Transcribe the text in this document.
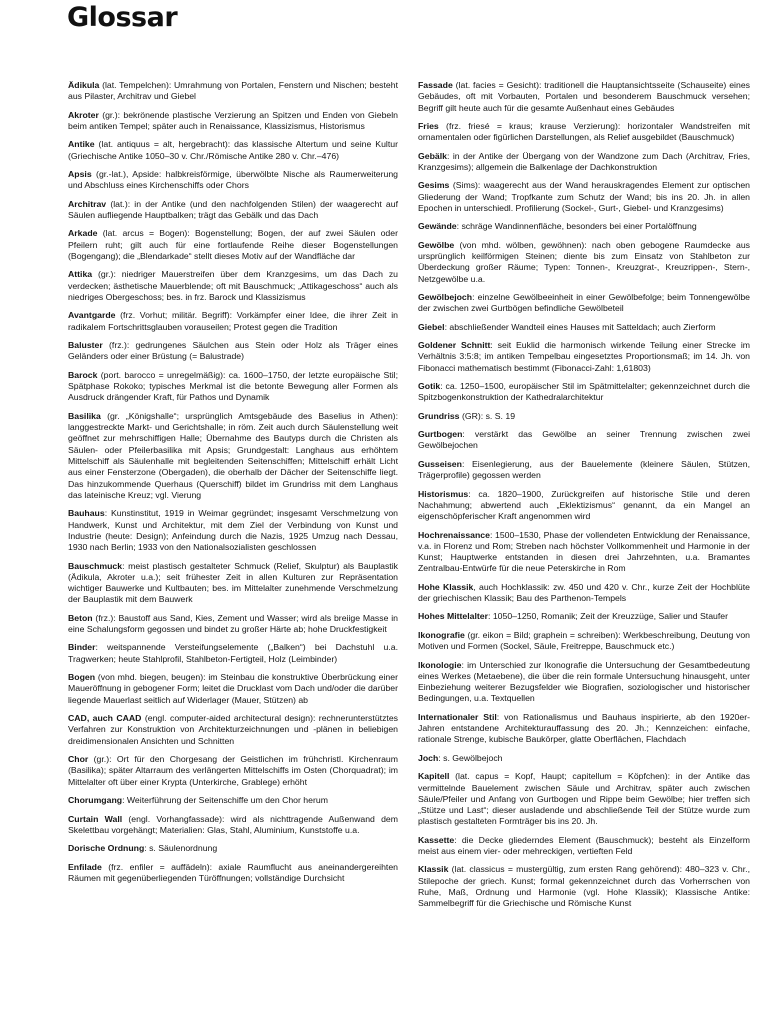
Glossar

Ädikula (lat. Tempelchen): Umrahmung von Portalen, Fenstern und Nischen; besteht aus Pilaster, Architrav und Giebel

Akroter (gr.): bekrönende plastische Verzierung an Spitzen und Enden von Giebeln beim antiken Tempel; später auch in Renaissance, Klassizismus, Historismus

Antike (lat. antiquus = alt, hergebracht): das klassische Altertum und seine Kultur (Griechische Antike 1050–30 v. Chr./Römische Antike 280 v. Chr.–476)

Apsis (gr.-lat.), Apside: halbkreisförmige, überwölbte Nische als Raumerweiterung und Abschluss eines Kirchenschiffs oder Chors

Architrav (lat.): in der Antike (und den nachfolgenden Stilen) der waagerecht auf Säulen aufliegende Hauptbalken; trägt das Gebälk und das Dach

Arkade (lat. arcus = Bogen): Bogenstellung; Bogen, der auf zwei Säulen oder Pfeilern ruht; gilt auch für eine fortlaufende Reihe dieser Bogenstellungen (Bogengang); die „Blendarkade“ stellt dieses Motiv auf der Wandfläche dar

Attika (gr.): niedriger Mauerstreifen über dem Kranzgesims, um das Dach zu verdecken; ästhetische Mauerblende; oft mit Bauschmuck; „Attikageschoss“ auch als niedriges Obergeschoss; bes. in frz. Barock und Klassizismus

Avantgarde (frz. Vorhut; militär. Begriff): Vorkämpfer einer Idee, die ihrer Zeit in radikalem Fortschrittsglauben vorauseilen; Protest gegen die Tradition

Baluster (frz.): gedrungenes Säulchen aus Stein oder Holz als Träger eines Geländers oder einer Brüstung (= Balustrade)

Barock (port. barocco = unregelmäßig): ca. 1600–1750, der letzte europäische Stil; Spätphase Rokoko; typisches Merkmal ist die betonte Bewegung aller Formen als Ausdruck drängender Kraft, für Pathos und Dynamik

Basilika (gr. „Königshalle“; ursprünglich Amtsgebäude des Baselius in Athen): langgestreckte Markt- und Gerichtshalle; in röm. Zeit auch durch Säulenstellung weit geöffnet zur mehrschiffigen Halle; Übernahme des Bautyps durch die Christen als Säulen- oder Pfeilerbasilika mit Apsis; Grundgestalt: Langhaus aus erhöhtem Mittelschiff als Säulenhalle mit begleitenden Seitenschiffen; Mittelschiff erhält Licht aus einer Fensterzone (Obergaden), die oberhalb der Dächer der Seitenschiffe liegt. Das hinzukommende Querhaus (Querschiff) bildet im Grundriss mit dem Langhaus das lateinische Kreuz; vgl. Vierung

Bauhaus: Kunstinstitut, 1919 in Weimar gegründet; insgesamt Verschmelzung von Handwerk, Kunst und Architektur, mit dem Ziel der Verbindung von Kunst und Industrie (heute: Design); Anfeindung durch die Nazis, 1925 Umzug nach Dessau, 1930 nach Berlin; 1933 von den Nationalsozialisten geschlossen

Bauschmuck: meist plastisch gestalteter Schmuck (Relief, Skulptur) als Bauplastik (Ädikula, Akroter u.a.); seit frühester Zeit in allen Kulturen zur Repräsentation wichtiger Bauwerke und Kultbauten; bes. im Mittelalter zunehmende Verschmelzung der Bauplastik mit dem Bauwerk

Beton (frz.): Baustoff aus Sand, Kies, Zement und Wasser; wird als breiige Masse in eine Schalungsform gegossen und bindet zu großer Härte ab; hohe Druckfestigkeit

Binder: weitspannende Versteifungselemente („Balken“) bei Dachstuhl u.a. Tragwerken; heute Stahlprofil, Stahlbeton-Fertigteil, Holz (Leimbinder)

Bogen (von mhd. biegen, beugen): im Steinbau die konstruktive Überbrückung einer Maueröffnung in gebogener Form; leitet die Drucklast vom Dach und/oder die darüber liegende Mauerlast seitlich auf Widerlager (Mauer, Stützen) ab

CAD, auch CAAD (engl. computer-aided architectural design): rechnerunterstütztes Verfahren zur Konstruktion von Architekturzeichnungen und -plänen in beliebigen dreidimensionalen Ansichten und Schnitten

Chor (gr.): Ort für den Chorgesang der Geistlichen im frühchristl. Kirchenraum (Basilika); später Altarraum des verlängerten Mittelschiffs im Osten (Chorquadrat); im Mittelalter oft über einer Krypta (Unterkirche, Grablege) erhöht

Chorumgang: Weiterführung der Seitenschiffe um den Chor herum

Curtain Wall (engl. Vorhangfassade): wird als nichttragende Außenwand dem Skelettbau vorgehängt; Materialien: Glas, Stahl, Aluminium, Kunststoffe u.a.

Dorische Ordnung: s. Säulenordnung

Enfilade (frz. enfiler = auffädeln): axiale Raumflucht aus aneinandergereihten Räumen mit gegenüberliegenden Türöffnungen; vollständige Durchsicht

Fassade (lat. facies = Gesicht): traditionell die Hauptansichtsseite (Schauseite) eines Gebäudes, oft mit Vorbauten, Portalen und besonderem Bauschmuck versehen; Begriff gilt heute auch für die gesamte Außenhaut eines Gebäudes

Fries (frz. friesé = kraus; krause Verzierung): horizontaler Wandstreifen mit ornamentalen oder figürlichen Darstellungen, als Relief ausgebildet (Bauschmuck)

Gebälk: in der Antike der Übergang von der Wandzone zum Dach (Architrav, Fries, Kranzgesims); allgemein die Balkenlage der Dachkonstruktion

Gesims (Sims): waagerecht aus der Wand herauskragendes Element zur optischen Gliederung der Wand; Tropfkante zum Schutz der Wand; bis ins 20. Jh. in allen Epochen in unterschiedl. Profilierung (Sockel-, Gurt-, Giebel- und Kranzgesims)

Gewände: schräge Wandinnenfläche, besonders bei einer Portalöffnung

Gewölbe (von mhd. wölben, gewöhnen): nach oben gebogene Raumdecke aus ursprünglich keilförmigen Steinen; diente bis zum Einsatz von Stahlbeton zur Überdeckung großer Räume; Typen: Tonnen-, Kreuzgrat-, Kreuzrippen-, Stern-, Netzgewölbe u.a.

Gewölbejoch: einzelne Gewölbeeinheit in einer Gewölbefolge; beim Tonnengewölbe der zwischen zwei Gurtbögen befindliche Gewölbeteil

Giebel: abschließender Wandteil eines Hauses mit Satteldach; auch Zierform

Goldener Schnitt: seit Euklid die harmonisch wirkende Teilung einer Strecke im Verhältnis 3:5:8; im antiken Tempelbau eingesetztes Proportionsmaß; im 14. Jh. von Fibonacci mathematisch bestimmt (Fibonacci-Zahl: 1,61803)

Gotik: ca. 1250–1500, europäischer Stil im Spätmittelalter; gekennzeichnet durch die Spitzbogenkonstruktion der Kathedralarchitektur

Grundriss (GR): s. S. 19

Gurtbogen: verstärkt das Gewölbe an seiner Trennung zwischen zwei Gewölbejochen

Gusseisen: Eisenlegierung, aus der Bauelemente (kleinere Säulen, Stützen, Trägerprofile) gegossen werden

Historismus: ca. 1820–1900, Zurückgreifen auf historische Stile und deren Nachahmung; abwertend auch „Eklektizismus“ genannt, da ein Mangel an eigenschöpferischer Kraft angenommen wird

Hochrenaissance: 1500–1530, Phase der vollendeten Entwicklung der Renaissance, v.a. in Florenz und Rom; Streben nach höchster Vollkommenheit und Harmonie in der Kunst; Hauptwerke entstanden in diesen drei Jahrzehnten, u.a. Bramantes Zentralbau-Entwürfe für die neue Peterskirche in Rom

Hohe Klassik, auch Hochklassik: zw. 450 und 420 v. Chr., kurze Zeit der Hochblüte der griechischen Klassik; Bau des Parthenon-Tempels

Hohes Mittelalter: 1050–1250, Romanik; Zeit der Kreuzzüge, Salier und Staufer

Ikonografie (gr. eikon = Bild; graphein = schreiben): Werkbeschreibung, Deutung von Motiven und Formen (Sockel, Säule, Freitreppe, Bauschmuck etc.)

Ikonologie: im Unterschied zur Ikonografie die Untersuchung der Gesamtbedeutung eines Werkes (Metaebene), die über die rein formale Untersuchung hinausgeht, unter Einbeziehung weiterer Bezugsfelder wie Biografien, soziologischer und historischer Bedingungen, u.a. Textquellen

Internationaler Stil: von Rationalismus und Bauhaus inspirierte, ab den 1920er-Jahren entstandene Architekturauffassung des 20. Jh.; Kennzeichen: einfache, rationale Strenge, kubische Baukörper, glatte Oberflächen, Flachdach

Joch: s. Gewölbejoch

Kapitell (lat. capus = Kopf, Haupt; capitellum = Köpfchen): in der Antike das vermittelnde Bauelement zwischen Säule und Architrav, später auch zwischen Säule/Pfeiler und Anfang von Gurtbogen und Rippe beim Gewölbe; hier treffen sich „Stütze und Last“; dieser ausladende und abschließende Teil der Stütze wurde zum plastisch gestalteten Formträger bis ins 20. Jh.

Kassette: die Decke gliederndes Element (Bauschmuck); besteht als Einzelform meist aus einem vier- oder mehreckigen, vertieften Feld

Klassik (lat. classicus = mustergültig, zum ersten Rang gehörend): 480–323 v. Chr., Stilepoche der griech. Kunst; formal gekennzeichnet durch das Vorherrschen von Ruhe, Maß, Ordnung und Harmonie (vgl. Hohe Klassik); Klassische Antike: Sammelbegriff für die Griechische und Römische Kunst
